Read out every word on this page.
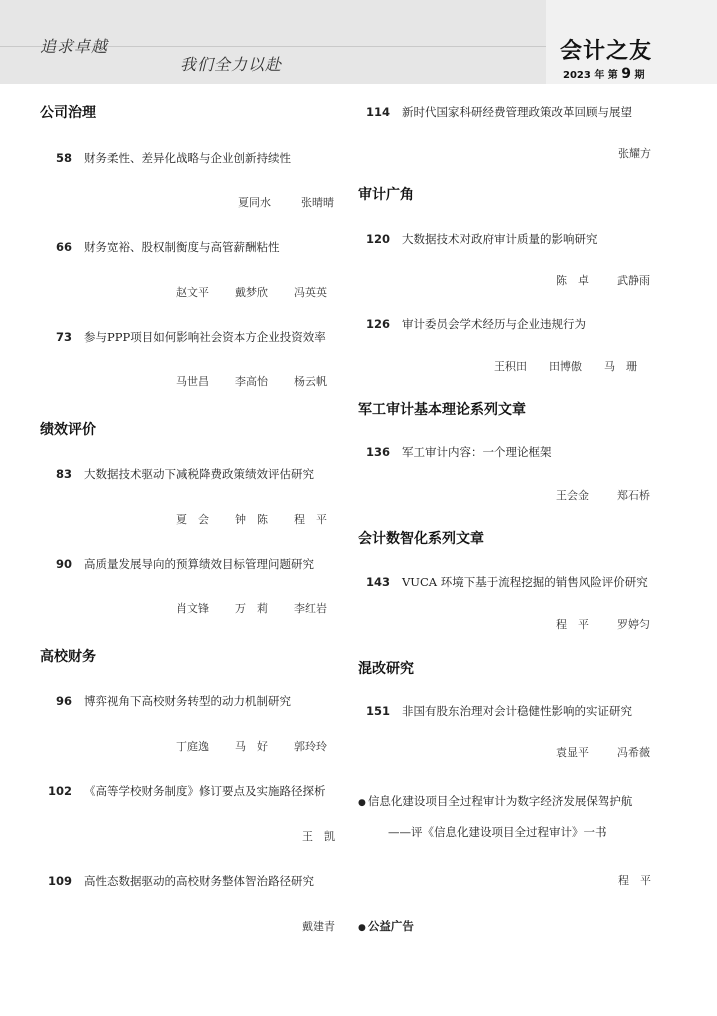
追求卓越
我们全力以赴
会计之友
2023 年 第 9 期
公司治理
58 财务柔性、差异化战略与企业创新持续性
夏同水	张晴晴
66 财务宽裕、股权制衡度与高管薪酬粘性
赵文平 戴梦欣 冯英英
73 参与PPP项目如何影响社会资本方企业投资效率
马世昌 李高怡 杨云帆
绩效评价
83 大数据技术驱动下减税降费政策绩效评估研究
夏　会 钟　陈 程　平
90 高质量发展导向的预算绩效目标管理问题研究
肖文锋 万　莉 李红岩
高校财务
96 博弈视角下高校财务转型的动力机制研究
丁庭逸 马　好 郭玲玲
102 《高等学校财务制度》修订要点及实施路径探析
王　凯
109 高性态数据驱动的高校财务整体智治路径研究
戴建青
114 新时代国家科研经费管理政策改革回顾与展望
张耀方
审计广角
120 大数据技术对政府审计质量的影响研究
陈　卓	武静雨
126 审计委员会学术经历与企业违规行为
王积田 田博傲 马　珊
军工审计基本理论系列文章
136 军工审计内容：一个理论框架
王会金	郑石桥
会计数智化系列文章
143 VUCA 环境下基于流程挖掘的销售风险评价研究
程　平	罗婷匀
混改研究
151 非国有股东治理对会计稳健性影响的实证研究
袁显平	冯希薇
● 信息化建设项目全过程审计为数字经济发展保驾护航
——评《信息化建设项目全过程审计》一书
程　平
● 公益广告
